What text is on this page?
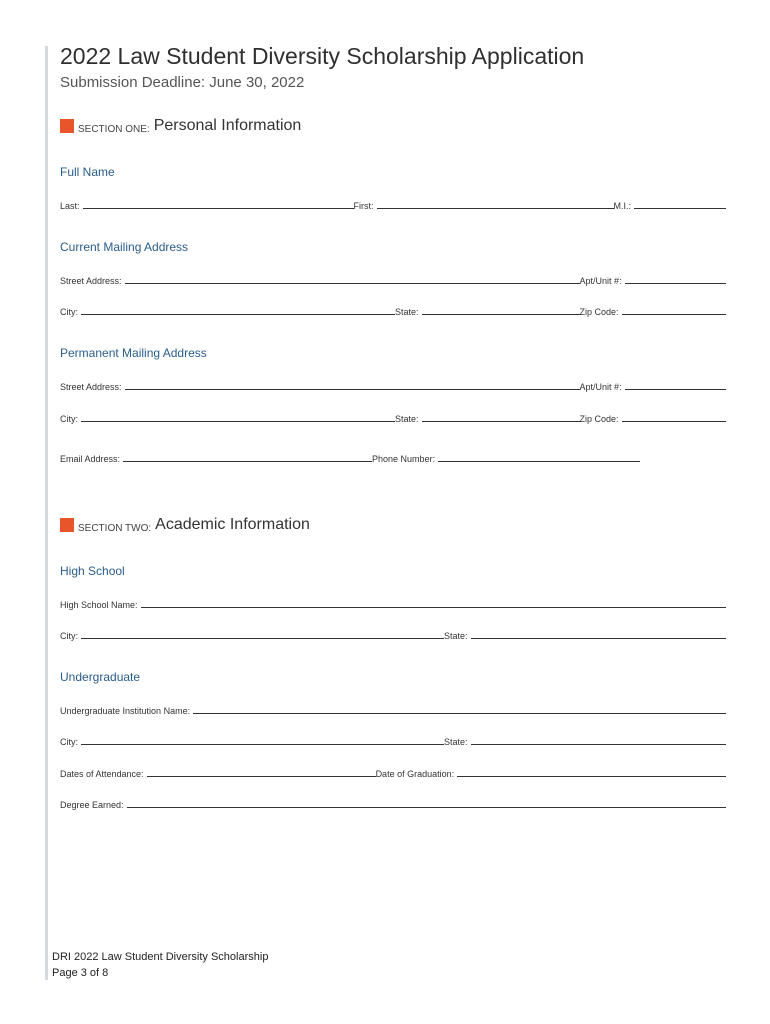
2022 Law Student Diversity Scholarship Application
Submission Deadline: June 30, 2022
SECTION ONE: Personal Information
Full Name
Last:	First:	M.I.:
Current Mailing Address
Street Address:	Apt/Unit #:
City:	State:	Zip Code:
Permanent Mailing Address
Street Address:	Apt/Unit #:
City:	State:	Zip Code:
Email Address:	Phone Number:
SECTION TWO: Academic Information
High School
High School Name:
City:	State:
Undergraduate
Undergraduate Institution Name:
City:	State:
Dates of Attendance:	Date of Graduation:
Degree Earned:
DRI 2022 Law Student Diversity Scholarship
Page 3 of 8
